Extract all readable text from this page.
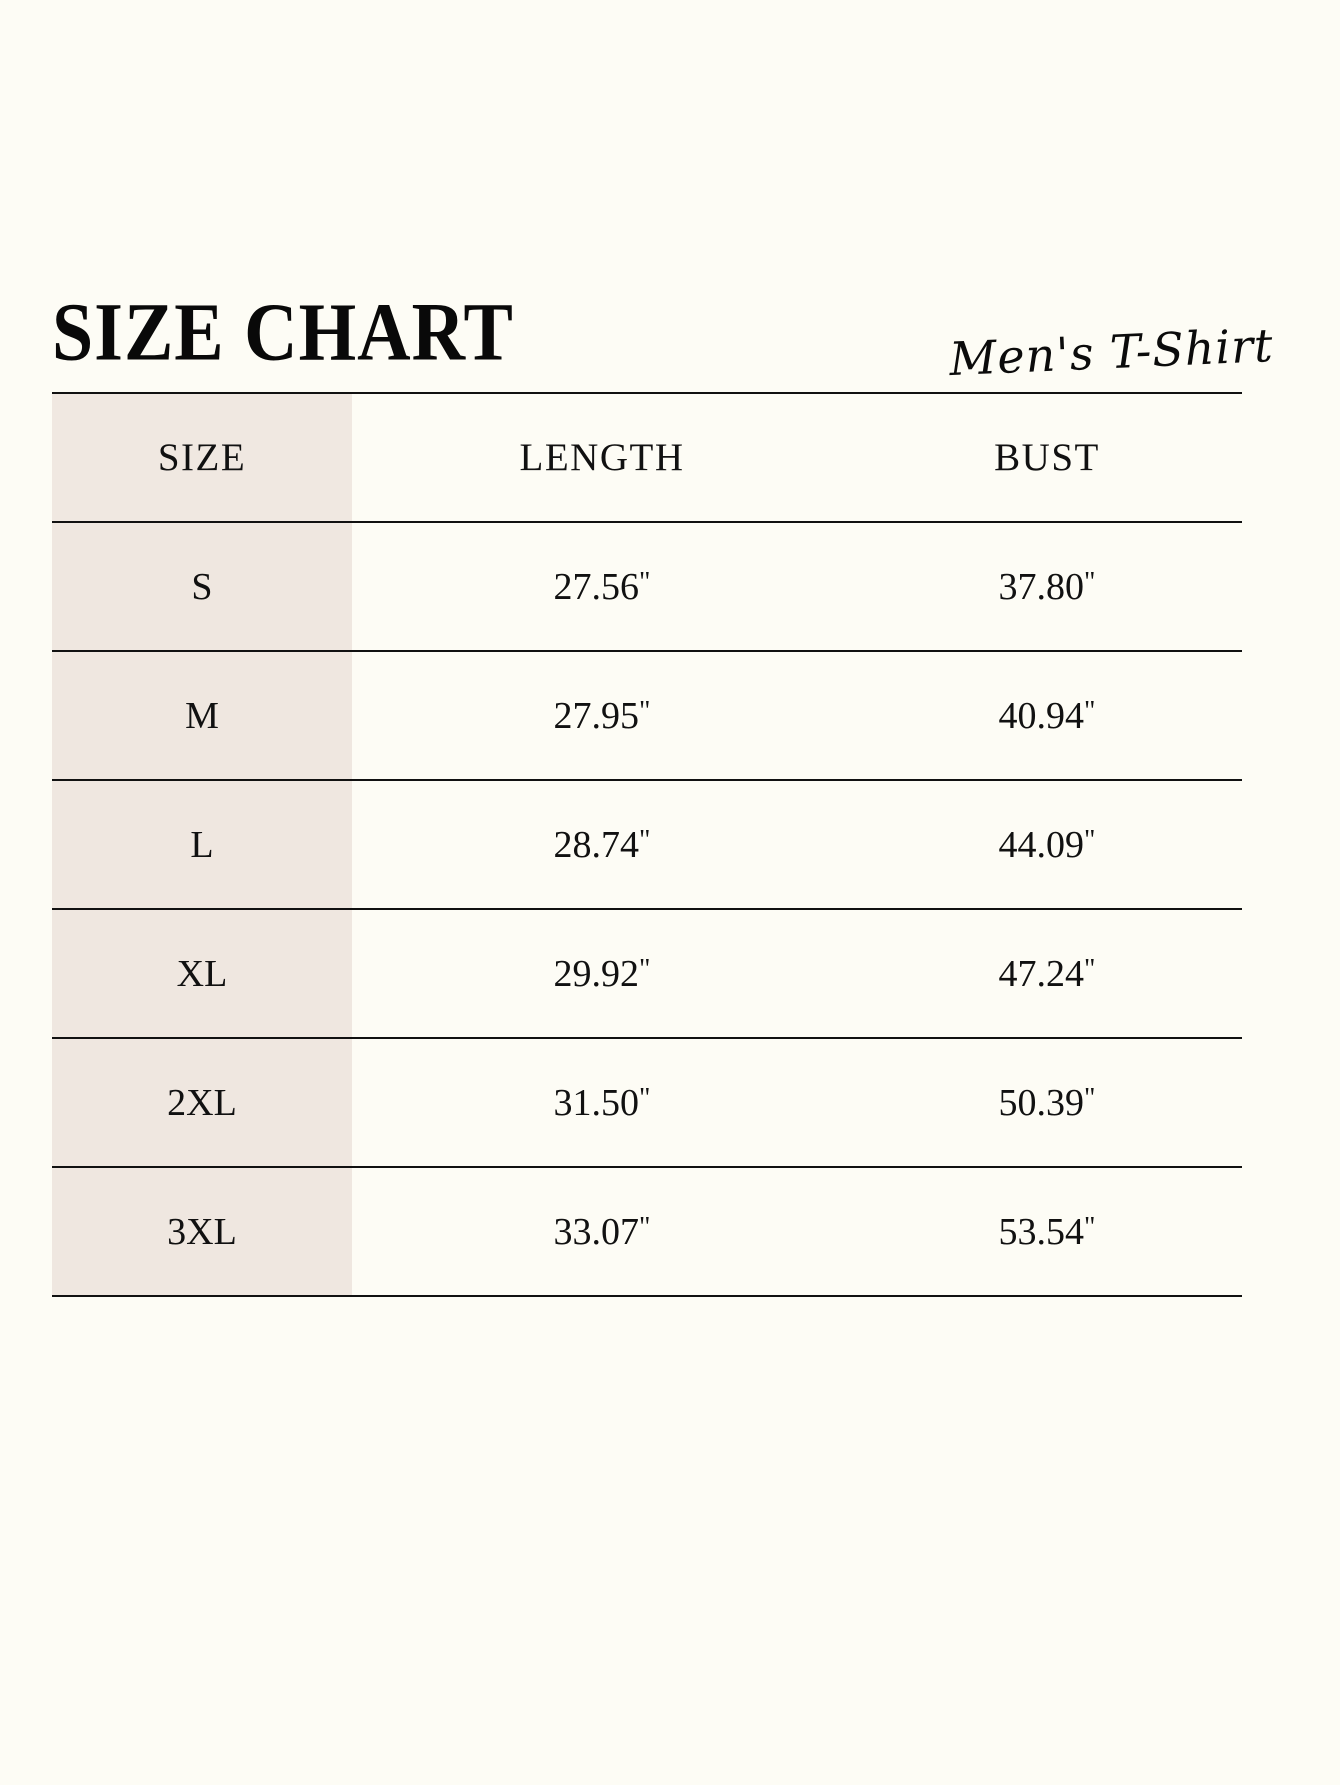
SIZE CHART	Men's T-Shirt
SIZE	LENGTH	BUST
S	27.56"	37.80"
M	27.95"	40.94"
L	28.74"	44.09"
XL	29.92"	47.24"
2XL	31.50"	50.39"
3XL	33.07"	53.54"
